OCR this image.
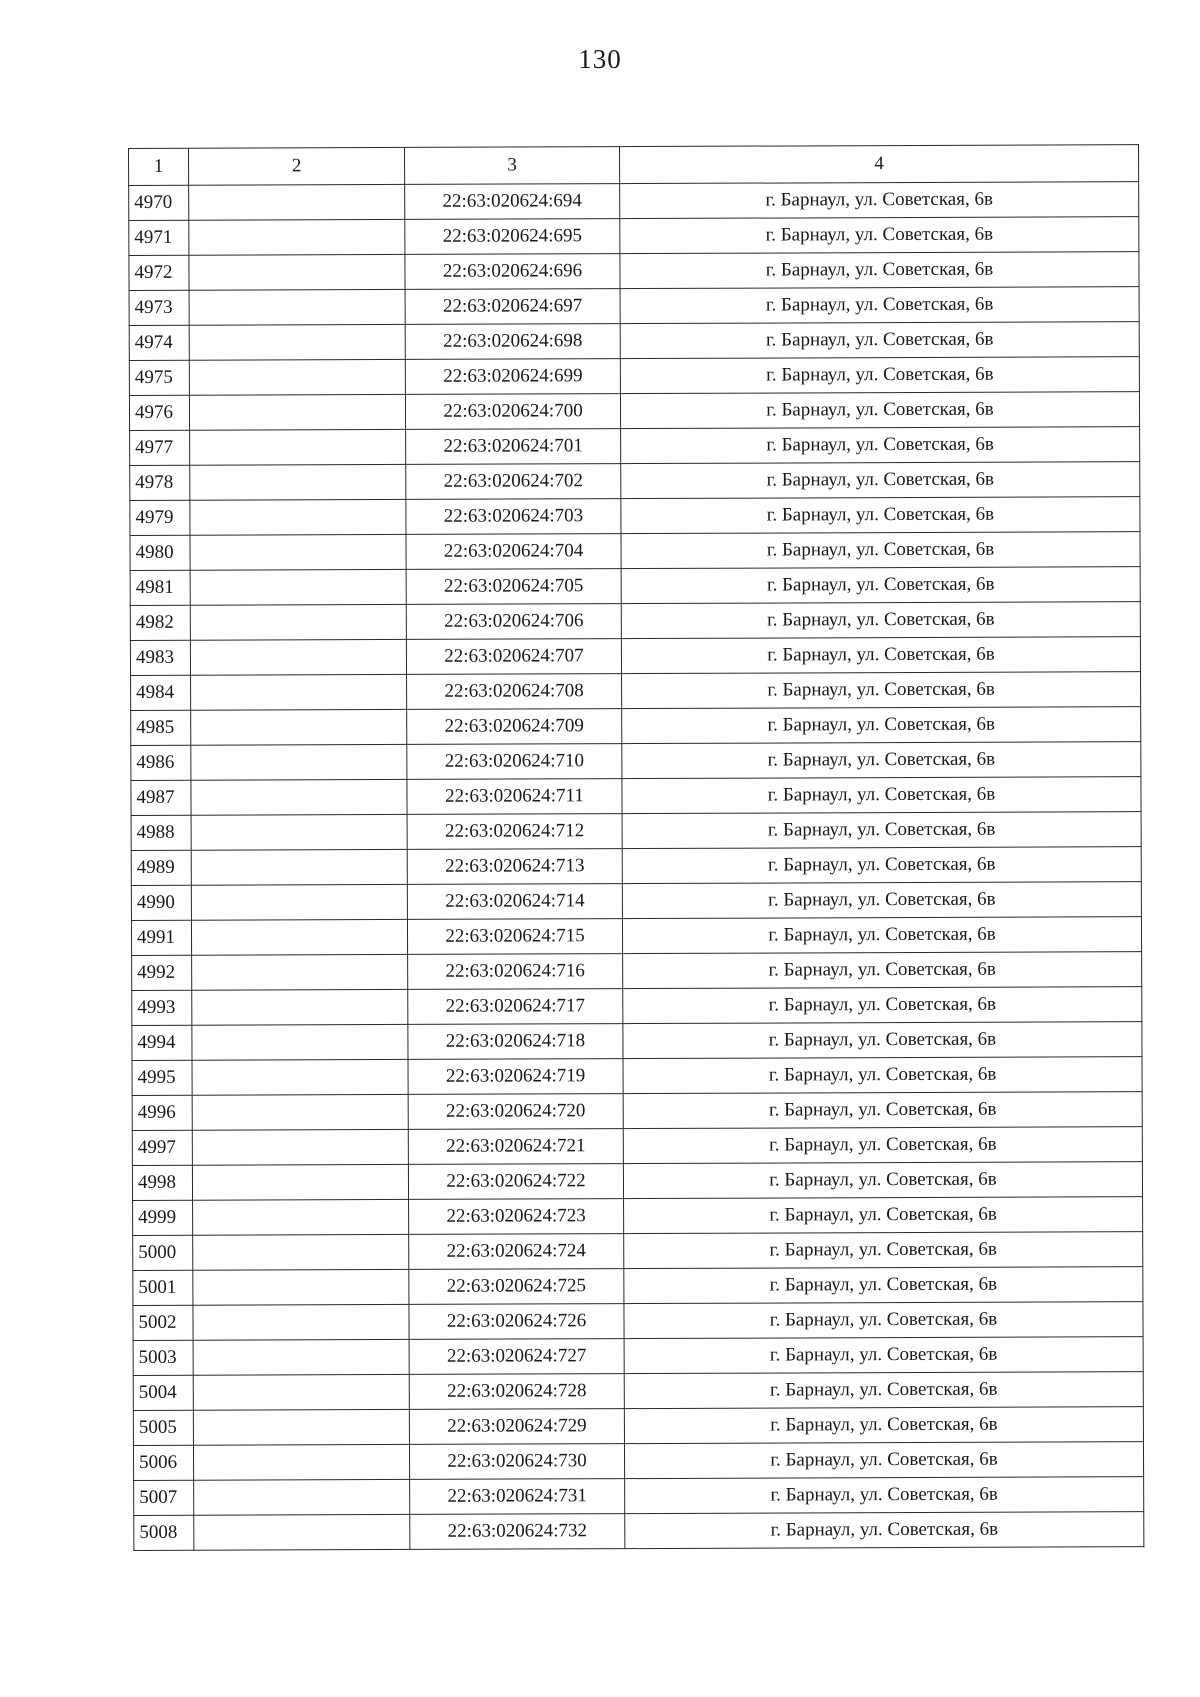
130
1	2	3	4
4970		22:63:020624:694	г. Барнаул, ул. Советская, 6в
4971		22:63:020624:695	г. Барнаул, ул. Советская, 6в
4972		22:63:020624:696	г. Барнаул, ул. Советская, 6в
4973		22:63:020624:697	г. Барнаул, ул. Советская, 6в
4974		22:63:020624:698	г. Барнаул, ул. Советская, 6в
4975		22:63:020624:699	г. Барнаул, ул. Советская, 6в
4976		22:63:020624:700	г. Барнаул, ул. Советская, 6в
4977		22:63:020624:701	г. Барнаул, ул. Советская, 6в
4978		22:63:020624:702	г. Барнаул, ул. Советская, 6в
4979		22:63:020624:703	г. Барнаул, ул. Советская, 6в
4980		22:63:020624:704	г. Барнаул, ул. Советская, 6в
4981		22:63:020624:705	г. Барнаул, ул. Советская, 6в
4982		22:63:020624:706	г. Барнаул, ул. Советская, 6в
4983		22:63:020624:707	г. Барнаул, ул. Советская, 6в
4984		22:63:020624:708	г. Барнаул, ул. Советская, 6в
4985		22:63:020624:709	г. Барнаул, ул. Советская, 6в
4986		22:63:020624:710	г. Барнаул, ул. Советская, 6в
4987		22:63:020624:711	г. Барнаул, ул. Советская, 6в
4988		22:63:020624:712	г. Барнаул, ул. Советская, 6в
4989		22:63:020624:713	г. Барнаул, ул. Советская, 6в
4990		22:63:020624:714	г. Барнаул, ул. Советская, 6в
4991		22:63:020624:715	г. Барнаул, ул. Советская, 6в
4992		22:63:020624:716	г. Барнаул, ул. Советская, 6в
4993		22:63:020624:717	г. Барнаул, ул. Советская, 6в
4994		22:63:020624:718	г. Барнаул, ул. Советская, 6в
4995		22:63:020624:719	г. Барнаул, ул. Советская, 6в
4996		22:63:020624:720	г. Барнаул, ул. Советская, 6в
4997		22:63:020624:721	г. Барнаул, ул. Советская, 6в
4998		22:63:020624:722	г. Барнаул, ул. Советская, 6в
4999		22:63:020624:723	г. Барнаул, ул. Советская, 6в
5000		22:63:020624:724	г. Барнаул, ул. Советская, 6в
5001		22:63:020624:725	г. Барнаул, ул. Советская, 6в
5002		22:63:020624:726	г. Барнаул, ул. Советская, 6в
5003		22:63:020624:727	г. Барнаул, ул. Советская, 6в
5004		22:63:020624:728	г. Барнаул, ул. Советская, 6в
5005		22:63:020624:729	г. Барнаул, ул. Советская, 6в
5006		22:63:020624:730	г. Барнаул, ул. Советская, 6в
5007		22:63:020624:731	г. Барнаул, ул. Советская, 6в
5008		22:63:020624:732	г. Барнаул, ул. Советская, 6в
